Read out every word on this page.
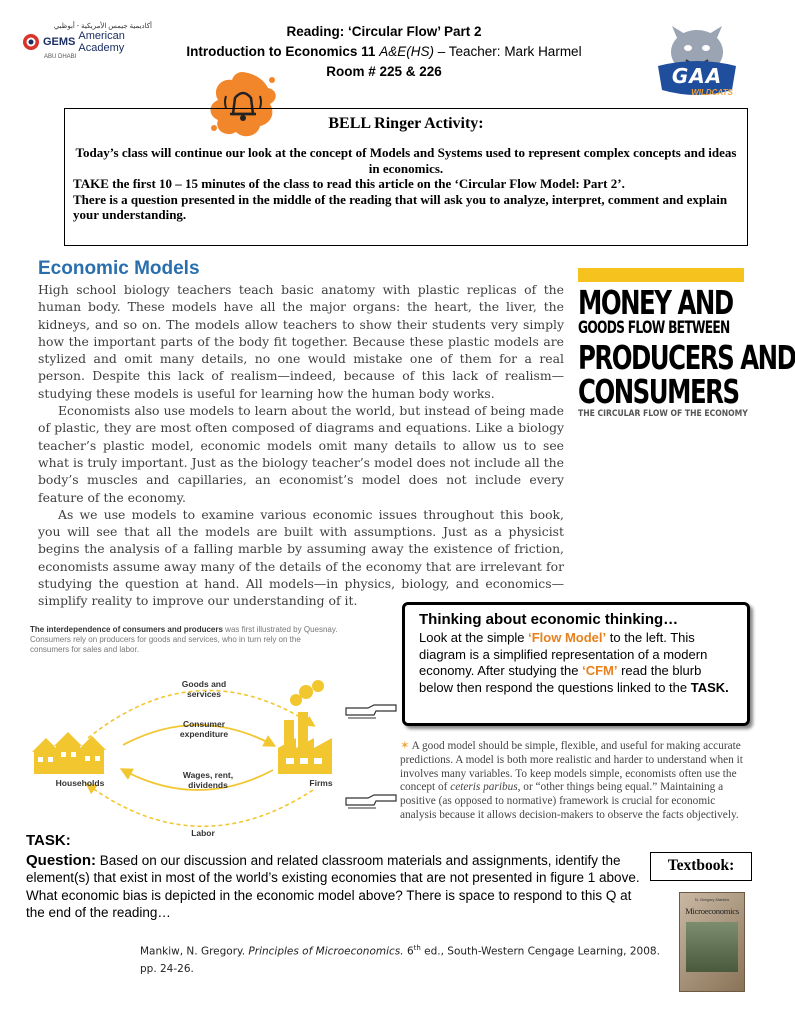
Reading: ‘Circular Flow’ Part 2
Introduction to Economics 11 A&E(HS) – Teacher: Mark Harmel
Room # 225 & 226
أكاديمية جيمس الأمريكية - أبوظبي
GEMS American Academy
ABU DHABI
GAA
WILDCATS
BELL Ringer Activity:
Today’s class will continue our look at the concept of Models and Systems used to represent complex concepts and ideas in economics.
TAKE the first 10 – 15 minutes of the class to read this article on the ‘Circular Flow Model: Part 2’.
There is a question presented in the middle of the reading that will ask you to analyze, interpret, comment and explain your understanding.
Economic Models

High school biology teachers teach basic anatomy with plastic replicas of the human body. These models have all the major organs: the heart, the liver, the kidneys, and so on. The models allow teachers to show their students very simply how the important parts of the body fit together. Because these plastic models are stylized and omit many details, no one would mistake one of them for a real person. Despite this lack of realism—indeed, because of this lack of realism—studying these models is useful for learning how the human body works.

Economists also use models to learn about the world, but instead of being made of plastic, they are most often composed of diagrams and equations. Like a biology teacher’s plastic model, economic models omit many details to allow us to see what is truly important. Just as the biology teacher’s model does not include all the body’s muscles and capillaries, an economist’s model does not include every feature of the economy.

As we use models to examine various economic issues throughout this book, you will see that all the models are built with assumptions. Just as a physicist begins the analysis of a falling marble by assuming away the existence of friction, economists assume away many of the details of the economy that are irrelevant for studying the question at hand. All models—in physics, biology, and economics—simplify reality to improve our understanding of it.

MONEY AND
GOODS FLOW BETWEEN
PRODUCERS AND
CONSUMERS
THE CIRCULAR FLOW OF THE ECONOMY
The interdependence of consumers and producers was first illustrated by Quesnay. Consumers rely on producers for goods and services, who in turn rely on the consumers for sales and labor.
Goods and
services
Consumer
expenditure
Wages, rent,
dividends
Labor
Households	Firms
Thinking about economic thinking…
Look at the simple ‘Flow Model’ to the left. This diagram is a simplified representation of a modern economy. After studying the ‘CFM’ read the blurb below then respond the questions linked to the TASK.
✶ A good model should be simple, flexible, and useful for making accurate predictions. A model is both more realistic and harder to understand when it involves many variables. To keep models simple, economists often use the concept of ceteris paribus, or “other things being equal.” Maintaining a positive (as opposed to normative) framework is crucial for economic analysis because it allows decision-makers to observe the facts objectively.
TASK:
Question: Based on our discussion and related classroom materials and assignments, identify the element(s) that exist in most of the world’s existing economies that are not presented in figure 1 above. What economic bias is depicted in the economic model above? There is space to respond to this Q at the end of the reading…
Textbook:
N. Gregory Mankiw
Microeconomics
Mankiw, N. Gregory. Principles of Microeconomics. 6th ed., South-Western Cengage Learning, 2008. pp. 24-26.
